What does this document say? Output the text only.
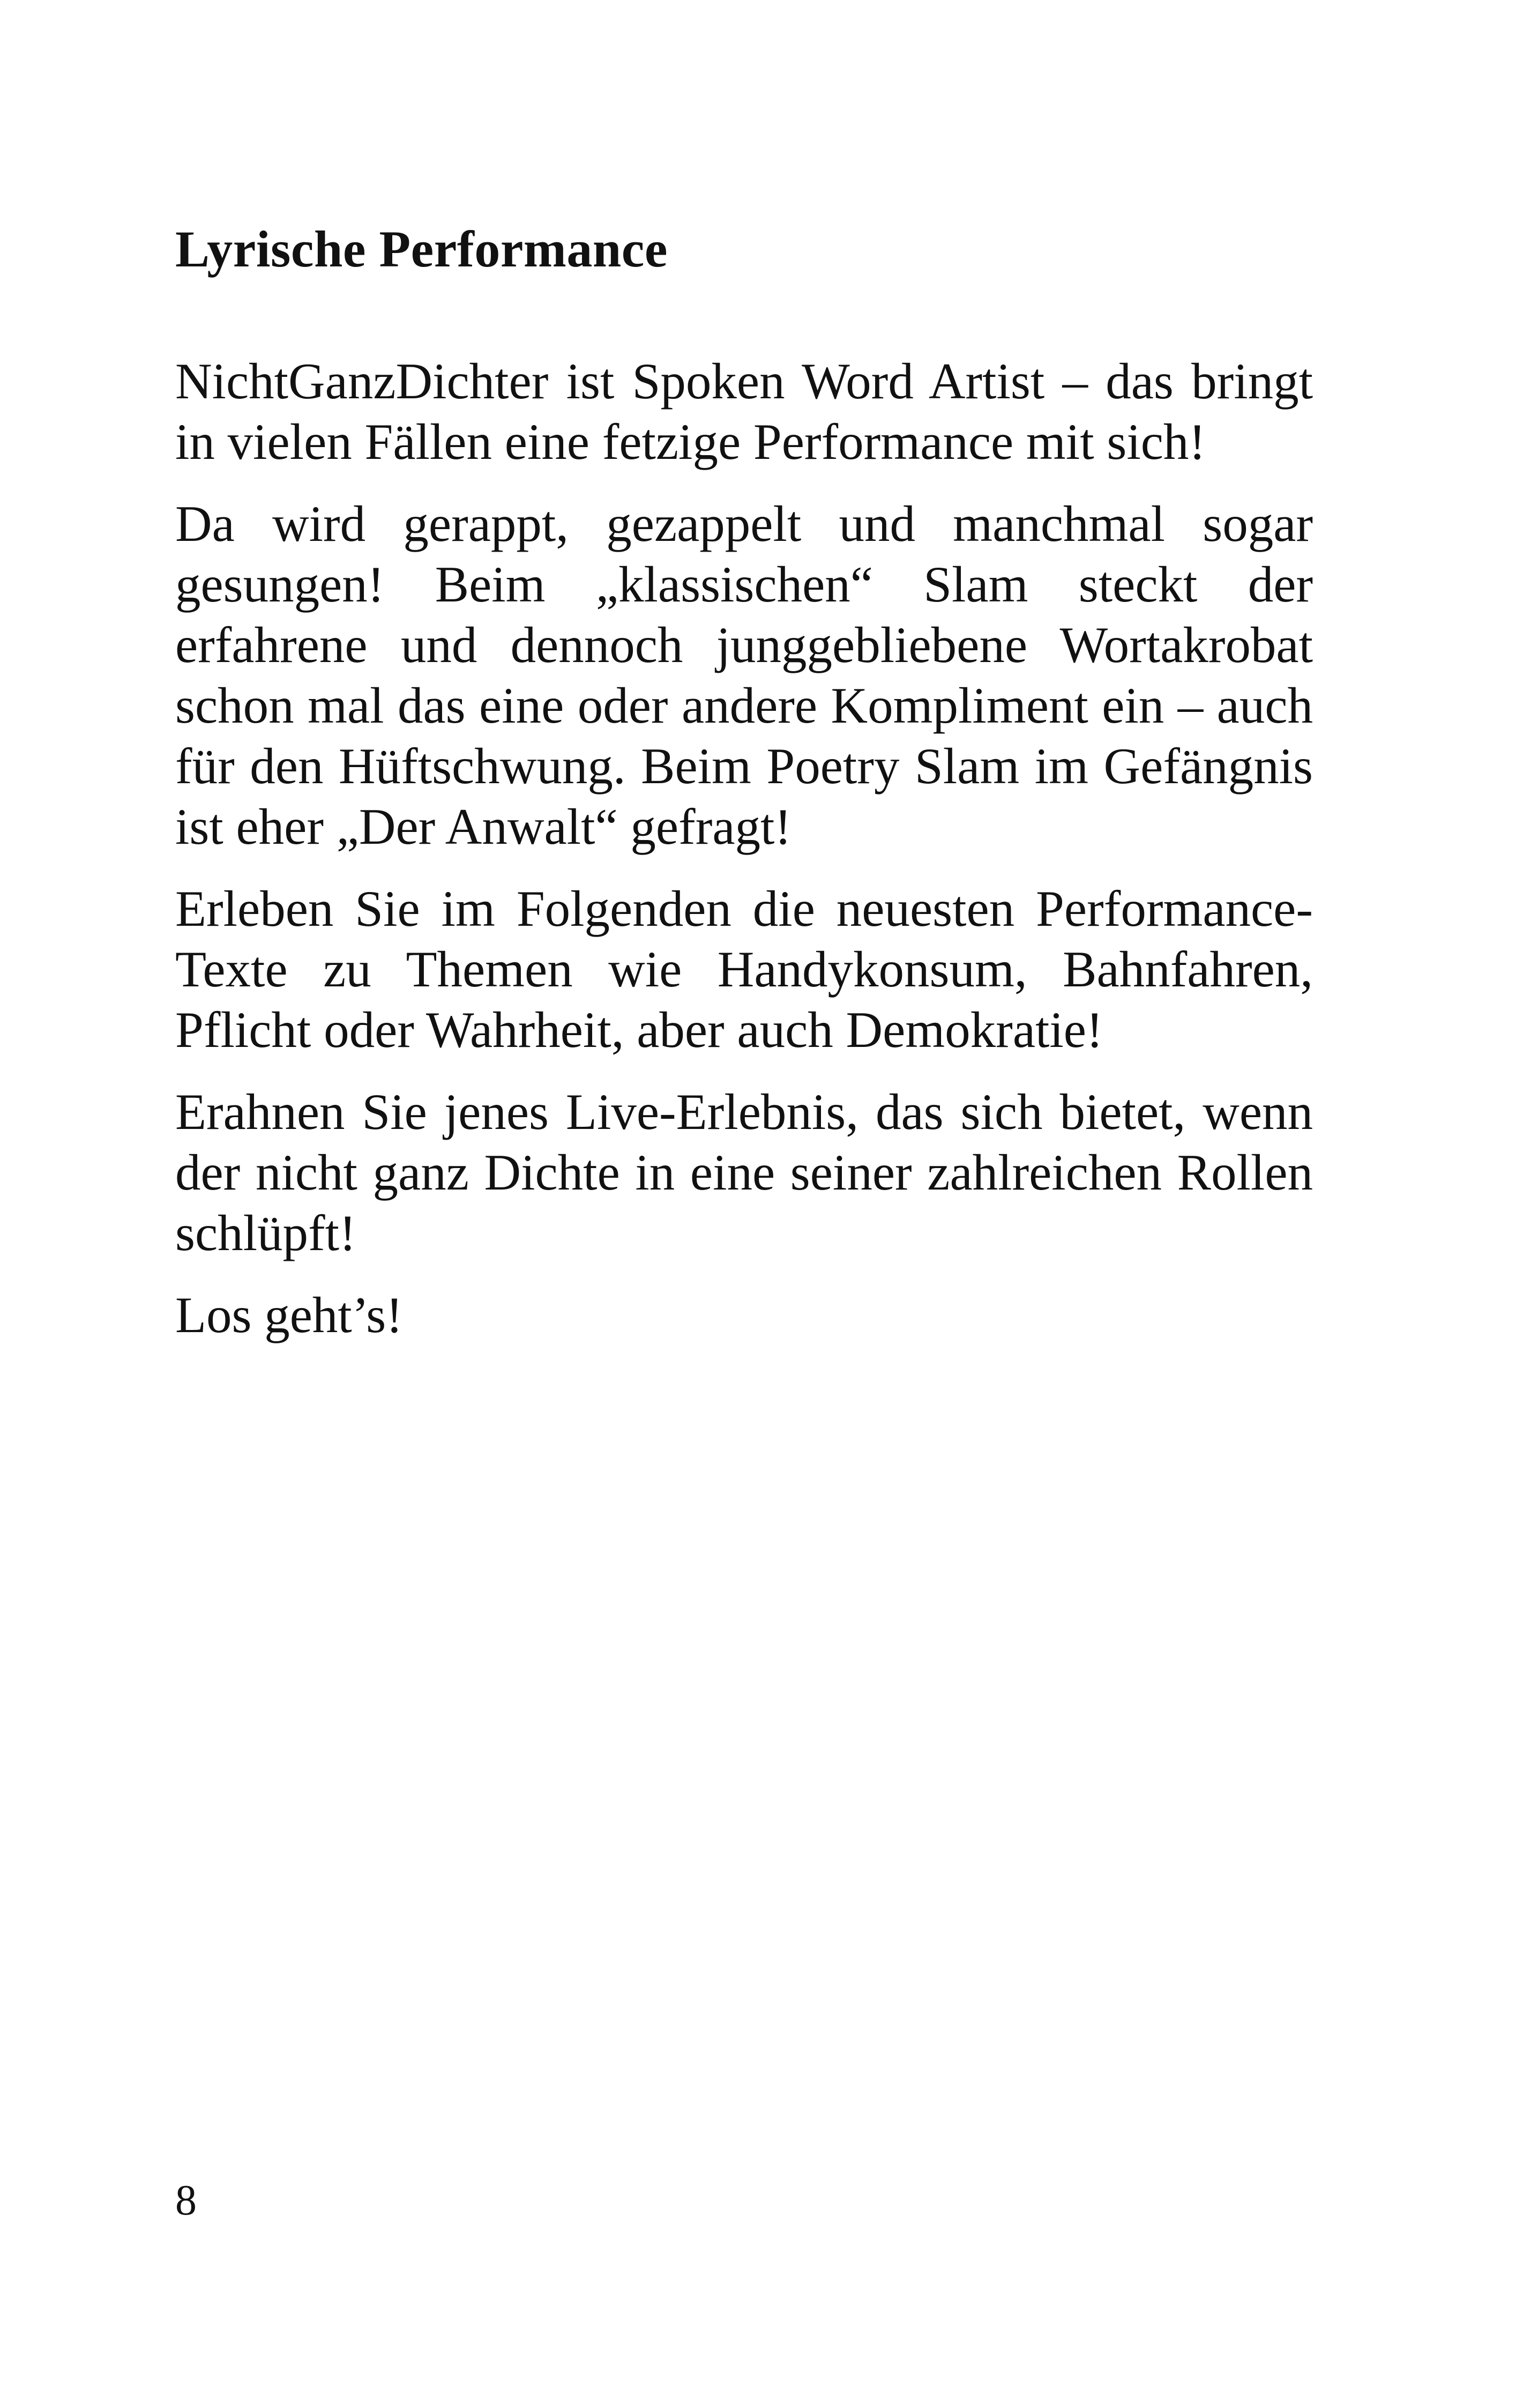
Lyrische Performance

NichtGanzDichter ist Spoken Word Artist – das bringt in vielen Fällen eine fetzige Performance mit sich!

Da wird gerappt, gezappelt und manchmal sogar gesungen! Beim „klassischen“ Slam steckt der erfahrene und dennoch junggebliebene Wortakrobat schon mal das eine oder andere Kompliment ein – auch für den Hüftschwung. Beim Poetry Slam im Gefängnis ist eher „Der Anwalt“ gefragt!

Erleben Sie im Folgenden die neuesten Performance-Texte zu Themen wie Handykonsum, Bahnfahren, Pflicht oder Wahrheit, aber auch Demokratie!

Erahnen Sie jenes Live-Erlebnis, das sich bietet, wenn der nicht ganz Dichte in eine seiner zahlreichen Rollen schlüpft!

Los geht’s!

8
